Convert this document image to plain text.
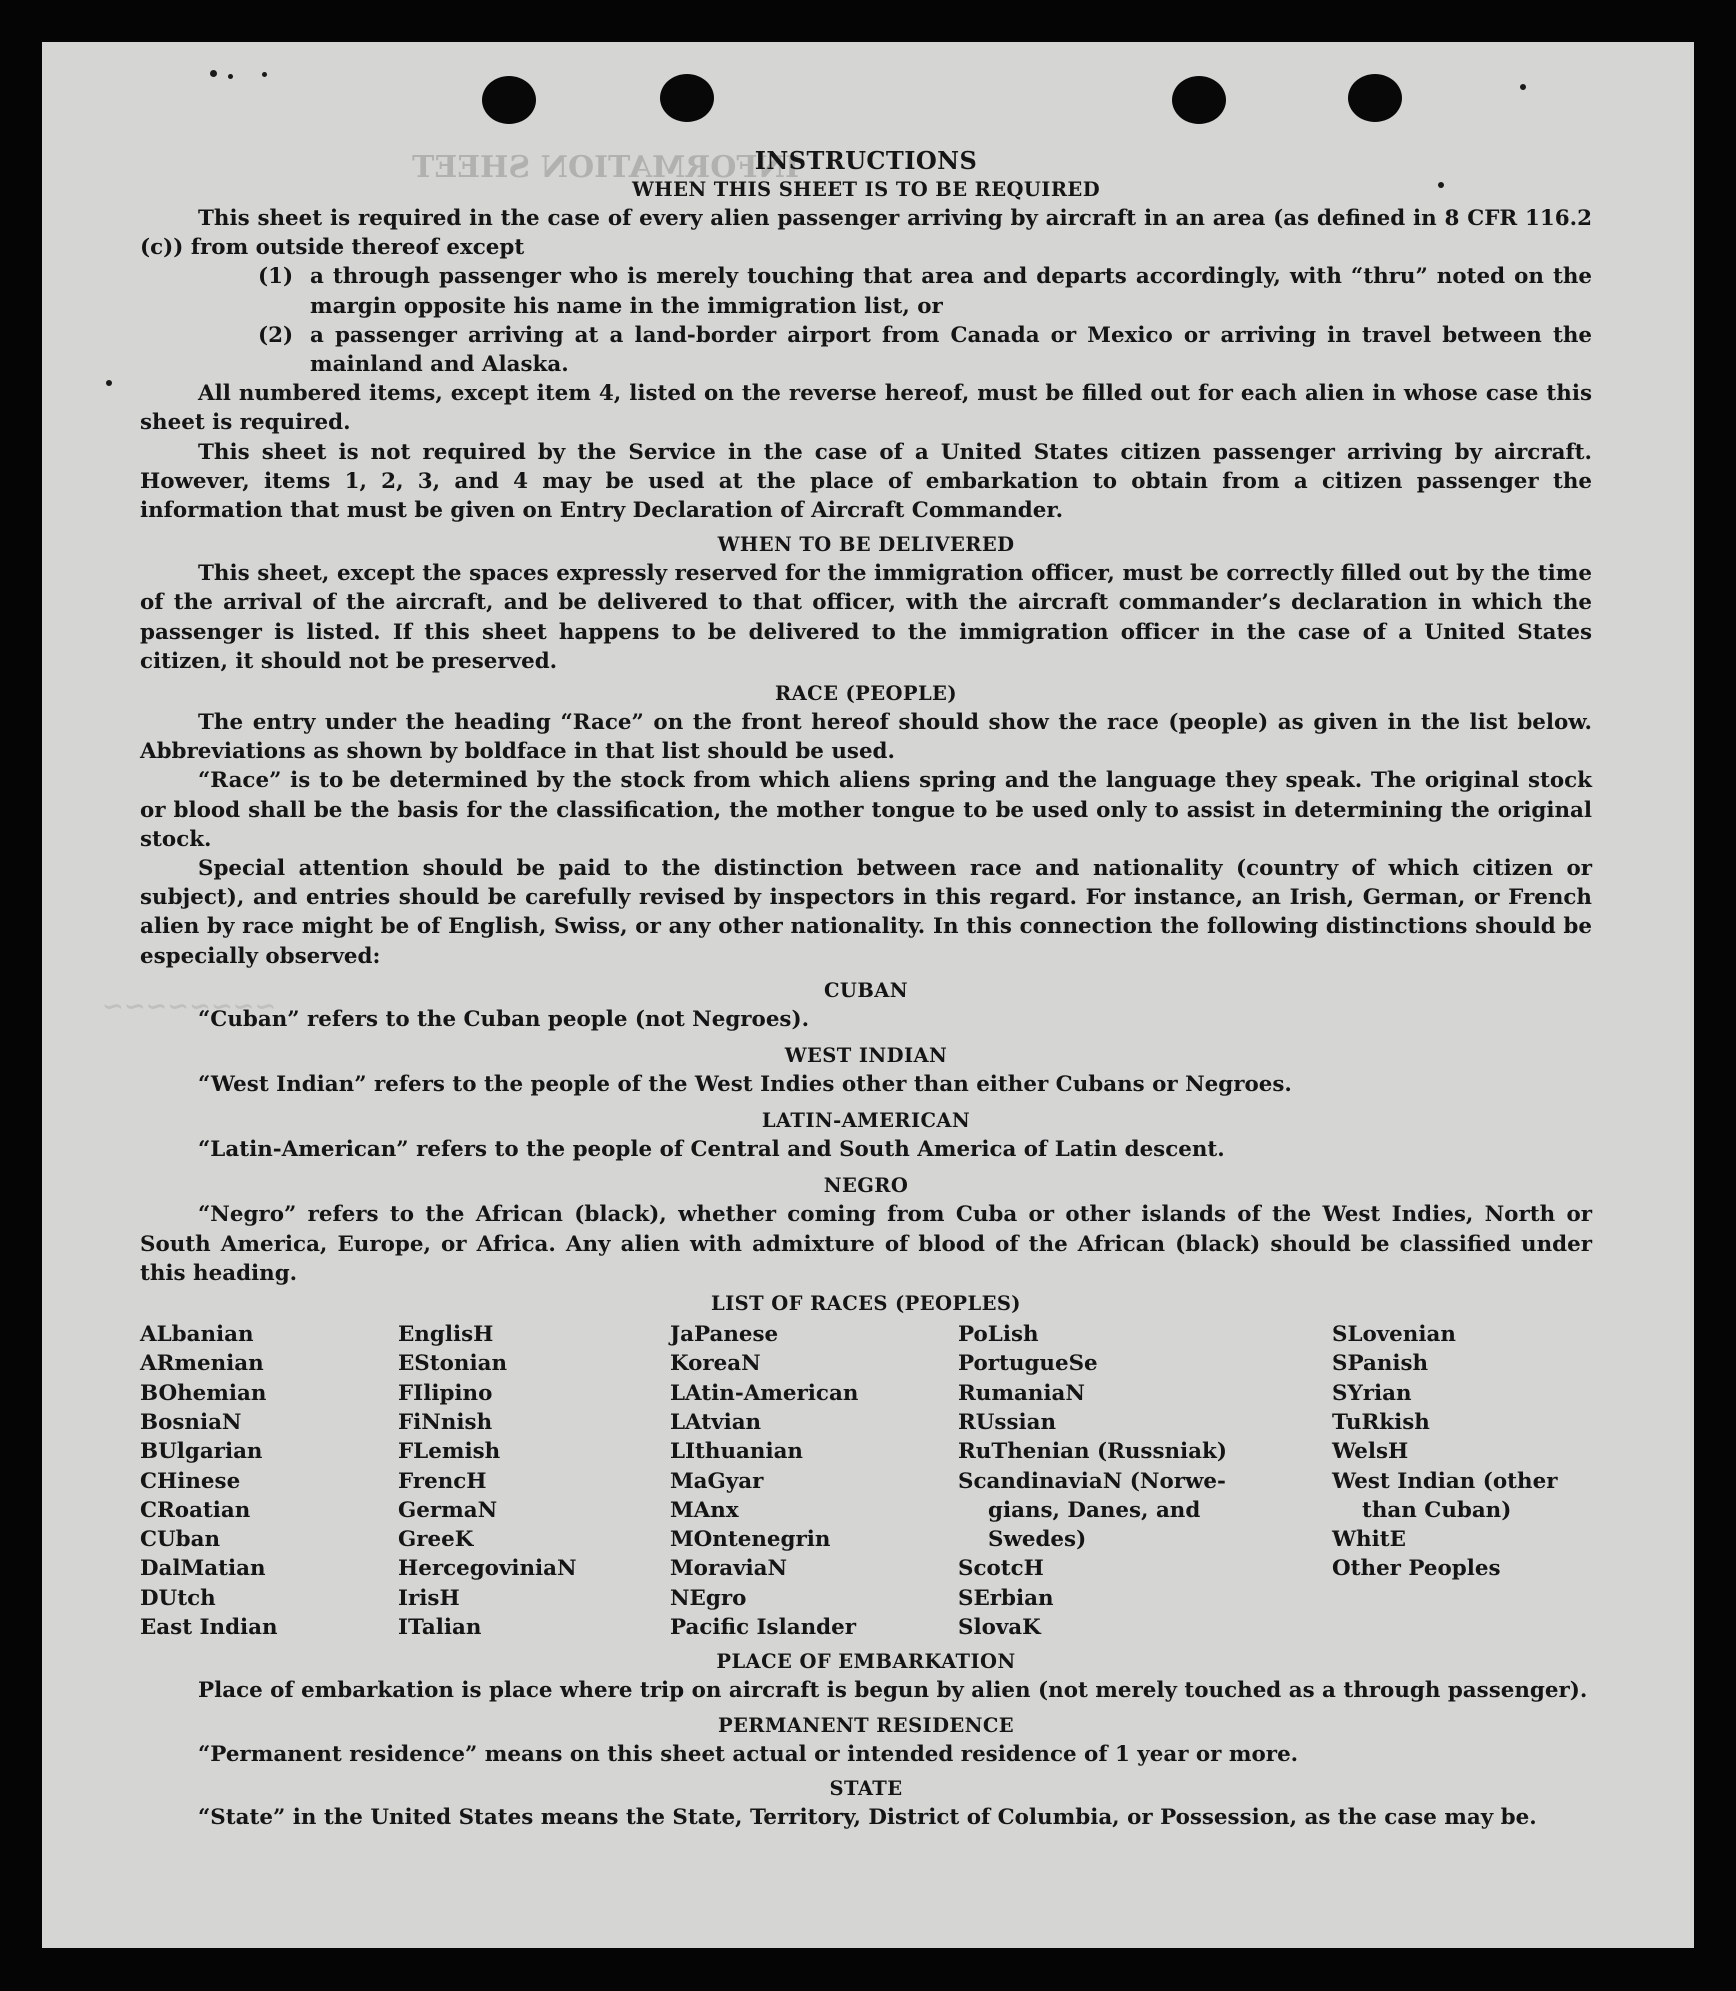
INFORMATION SHEET
~~~~~~~~
INSTRUCTIONS
WHEN THIS SHEET IS TO BE REQUIRED

This sheet is required in the case of every alien passenger arriving by aircraft in an area (as defined in 8 CFR 116.2 (c)) from outside thereof except

(1) a through passenger who is merely touching that area and departs accordingly, with “thru” noted on the margin opposite his name in the immigration list, or
(2) a passenger arriving at a land-border airport from Canada or Mexico or arriving in travel between the mainland and Alaska.

All numbered items, except item 4, listed on the reverse hereof, must be filled out for each alien in whose case this sheet is required.

This sheet is not required by the Service in the case of a United States citizen passenger arriving by aircraft. However, items 1, 2, 3, and 4 may be used at the place of embarkation to obtain from a citizen passenger the information that must be given on Entry Declaration of Aircraft Commander.

WHEN TO BE DELIVERED

This sheet, except the spaces expressly reserved for the immigration officer, must be correctly filled out by the time of the arrival of the aircraft, and be delivered to that officer, with the aircraft commander’s declaration in which the passenger is listed. If this sheet happens to be delivered to the immigration officer in the case of a United States citizen, it should not be preserved.

RACE (PEOPLE)

The entry under the heading “Race” on the front hereof should show the race (people) as given in the list below. Abbreviations as shown by boldface in that list should be used.

“Race” is to be determined by the stock from which aliens spring and the language they speak. The original stock or blood shall be the basis for the classification, the mother tongue to be used only to assist in determining the original stock.

Special attention should be paid to the distinction between race and nationality (country of which citizen or subject), and entries should be carefully revised by inspectors in this regard. For instance, an Irish, German, or French alien by race might be of English, Swiss, or any other nationality. In this connection the following distinctions should be especially observed:

CUBAN

“Cuban” refers to the Cuban people (not Negroes).

WEST INDIAN

“West Indian” refers to the people of the West Indies other than either Cubans or Negroes.

LATIN-AMERICAN

“Latin-American” refers to the people of Central and South America of Latin descent.

NEGRO

“Negro” refers to the African (black), whether coming from Cuba or other islands of the West Indies, North or South America, Europe, or Africa. Any alien with admixture of blood of the African (black) should be classified under this heading.

LIST OF RACES (PEOPLES)
ALbanian
ARmenian
BOhemian
BosniaN
BUlgarian
CHinese
CRoatian
CUban
DalMatian
DUtch
East Indian
EnglisH
EStonian
FIlipino
FiNnish
FLemish
FrencH
GermaN
GreeK
HercegoviniaN
IrisH
ITalian
JaPanese
KoreaN
LAtin-American
LAtvian
LIthuanian
MaGyar
MAnx
MOntenegrin
MoraviaN
NEgro
Pacific Islander
PoLish
PortugueSe
RumaniaN
RUssian
RuThenian (Russniak)
ScandinaviaN (Norwe-
gians, Danes, and
Swedes)
ScotcH
SErbian
SlovaK
SLovenian
SPanish
SYrian
TuRkish
WelsH
West Indian (other
than Cuban)
WhitE
Other Peoples
PLACE OF EMBARKATION

Place of embarkation is place where trip on aircraft is begun by alien (not merely touched as a through passenger).

PERMANENT RESIDENCE

“Permanent residence” means on this sheet actual or intended residence of 1 year or more.

STATE

“State” in the United States means the State, Territory, District of Columbia, or Possession, as the case may be.
